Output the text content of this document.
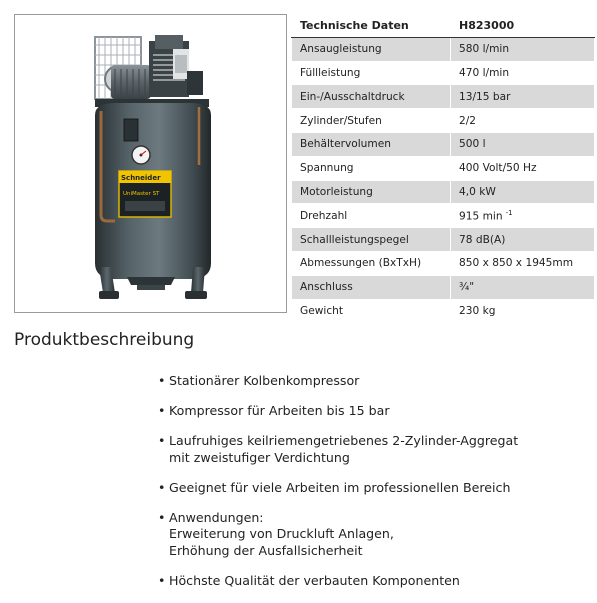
Schneider
UniMaster ST
Technische Daten	H823000
Ansaugleistung	580 l/min
Füllleistung	470 l/min
Ein-/Ausschaltdruck	13/15 bar
Zylinder/Stufen	2/2
Behältervolumen	500 l
Spannung	400 Volt/50 Hz
Motorleistung	4,0 kW
Drehzahl	915 min $^{-1}$
Schallleistungspegel	78 dB(A)
Abmessungen (BxTxH)	850 x 850 x 1945mm
Anschluss	¾"
Gewicht	230 kg
Produktbeschreibung
• Stationärer Kolbenkompressor
• Kompressor für Arbeiten bis 15 bar
• Laufruhiges keilriemengetriebenes 2-Zylinder-Aggregat
mit zweistufiger Verdichtung
• Geeignet für viele Arbeiten im professionellen Bereich
• Anwendungen:
Erweiterung von Druckluft Anlagen,
Erhöhung der Ausfallsicherheit
• Höchste Qualität der verbauten Komponenten
